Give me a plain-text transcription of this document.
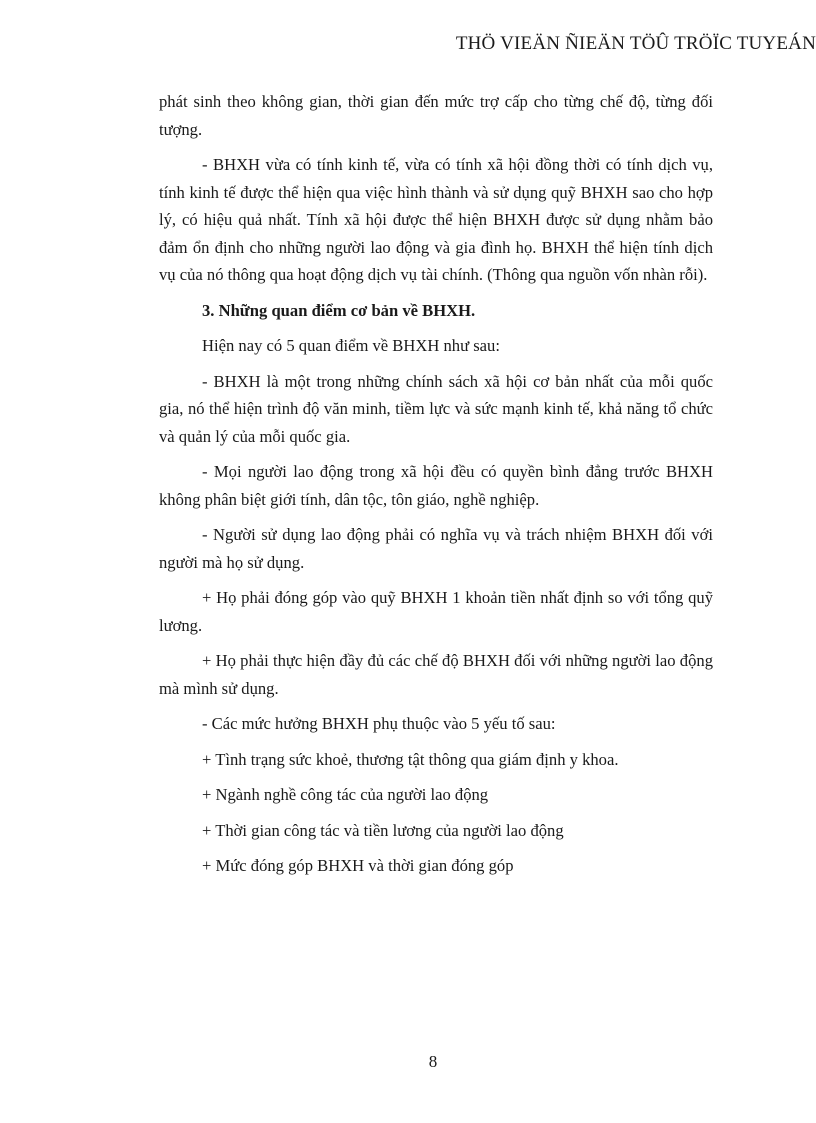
THÖ VIEÄN ÑIEÄN TÖÛ TRÖÏC TUYEÁN

phát sinh theo không gian, thời gian đến mức trợ cấp cho từng chế độ, từng đối tượng.

- BHXH vừa có tính kinh tế, vừa có tính xã hội đồng thời có tính dịch vụ, tính kinh tế được thể hiện qua việc hình thành và sử dụng quỹ BHXH sao cho hợp lý, có hiệu quả nhất. Tính xã hội được thể hiện BHXH được sử dụng nhằm bảo đảm ổn định cho những người lao động và gia đình họ. BHXH thể hiện tính dịch vụ của nó thông qua hoạt động dịch vụ tài chính. (Thông qua nguồn vốn nhàn rỗi).

3. Những quan điểm cơ bản về BHXH.

Hiện nay có 5 quan điểm về BHXH như sau:

- BHXH là một trong những chính sách xã hội cơ bản nhất của mỗi quốc gia, nó thể hiện trình độ văn minh, tiềm lực và sức mạnh kinh tế, khả năng tổ chức và quản lý của mỗi quốc gia.

- Mọi người lao động trong xã hội đều có quyền bình đẳng trước BHXH không phân biệt giới tính, dân tộc, tôn giáo, nghề nghiệp.

- Người sử dụng lao động phải có nghĩa vụ và trách nhiệm BHXH đối với người mà họ sử dụng.

+ Họ phải đóng góp vào quỹ BHXH 1 khoản tiền nhất định so với tổng quỹ lương.

+ Họ phải thực hiện đầy đủ các chế độ BHXH đối với những người lao động mà mình sử dụng.

- Các mức hưởng BHXH phụ thuộc vào 5 yếu tố sau:

+ Tình trạng sức khoẻ, thương tật thông qua giám định y khoa.

+ Ngành nghề công tác của người lao động

+ Thời gian công tác và tiền lương của người lao động

+ Mức đóng góp BHXH và thời gian đóng góp

8
